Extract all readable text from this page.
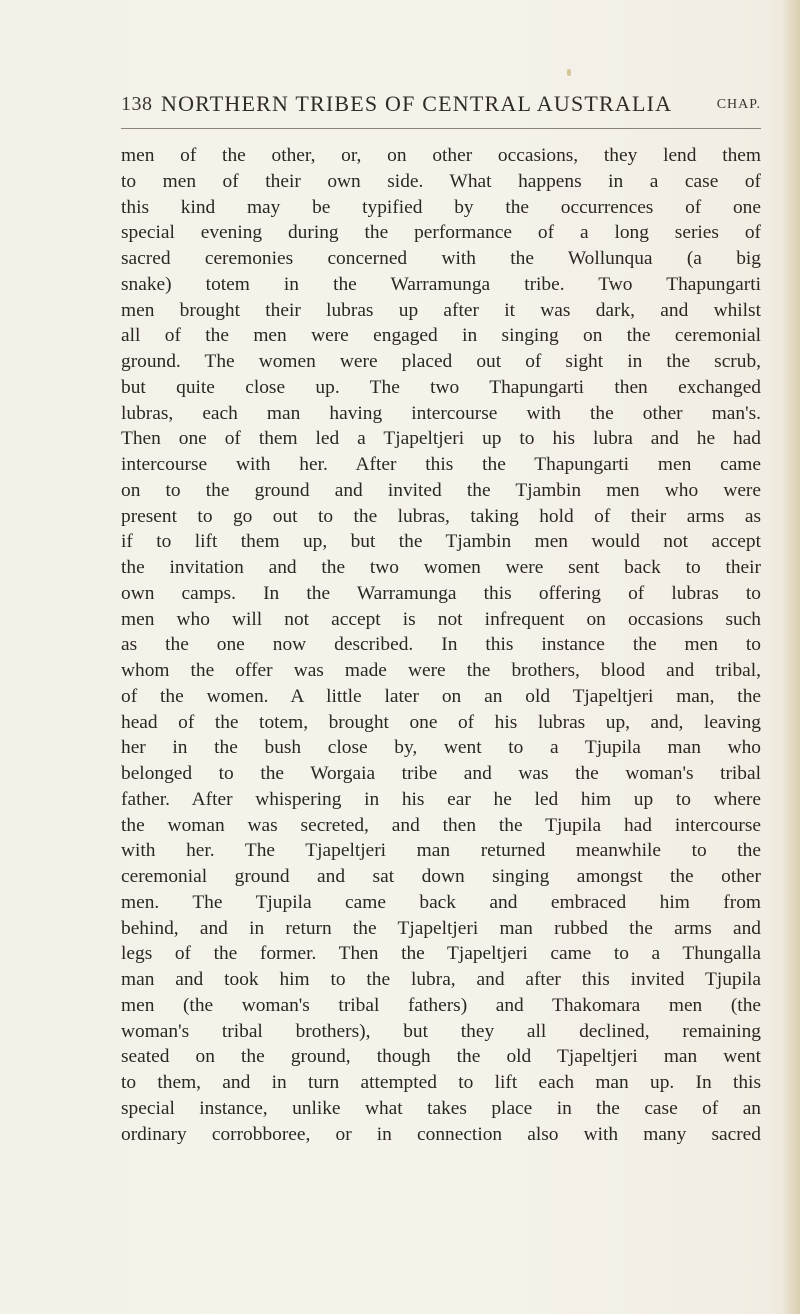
138 NORTHERN TRIBES OF CENTRAL AUSTRALIA	CHAP.
men of the other, or, on other occasions, they lend them
to men of their own side. What happens in a case of
this kind may be typified by the occurrences of one
special evening during the performance of a long series of
sacred ceremonies concerned with the Wollunqua (a big
snake) totem in the Warramunga tribe. Two Thapungarti
men brought their lubras up after it was dark, and whilst
all of the men were engaged in singing on the ceremonial
ground. The women were placed out of sight in the scrub,
but quite close up. The two Thapungarti then exchanged
lubras, each man having intercourse with the other man's.
Then one of them led a Tjapeltjeri up to his lubra and he had
intercourse with her. After this the Thapungarti men came
on to the ground and invited the Tjambin men who were
present to go out to the lubras, taking hold of their arms as
if to lift them up, but the Tjambin men would not accept
the invitation and the two women were sent back to their
own camps. In the Warramunga this offering of lubras to
men who will not accept is not infrequent on occasions such
as the one now described. In this instance the men to
whom the offer was made were the brothers, blood and tribal,
of the women. A little later on an old Tjapeltjeri man, the
head of the totem, brought one of his lubras up, and, leaving
her in the bush close by, went to a Tjupila man who
belonged to the Worgaia tribe and was the woman's tribal
father. After whispering in his ear he led him up to where
the woman was secreted, and then the Tjupila had intercourse
with her. The Tjapeltjeri man returned meanwhile to the
ceremonial ground and sat down singing amongst the other
men. The Tjupila came back and embraced him from
behind, and in return the Tjapeltjeri man rubbed the arms and
legs of the former. Then the Tjapeltjeri came to a Thungalla
man and took him to the lubra, and after this invited Tjupila
men (the woman's tribal fathers) and Thakomara men (the
woman's tribal brothers), but they all declined, remaining
seated on the ground, though the old Tjapeltjeri man went
to them, and in turn attempted to lift each man up. In this
special instance, unlike what takes place in the case of an
ordinary corrobboree, or in connection also with many sacred
